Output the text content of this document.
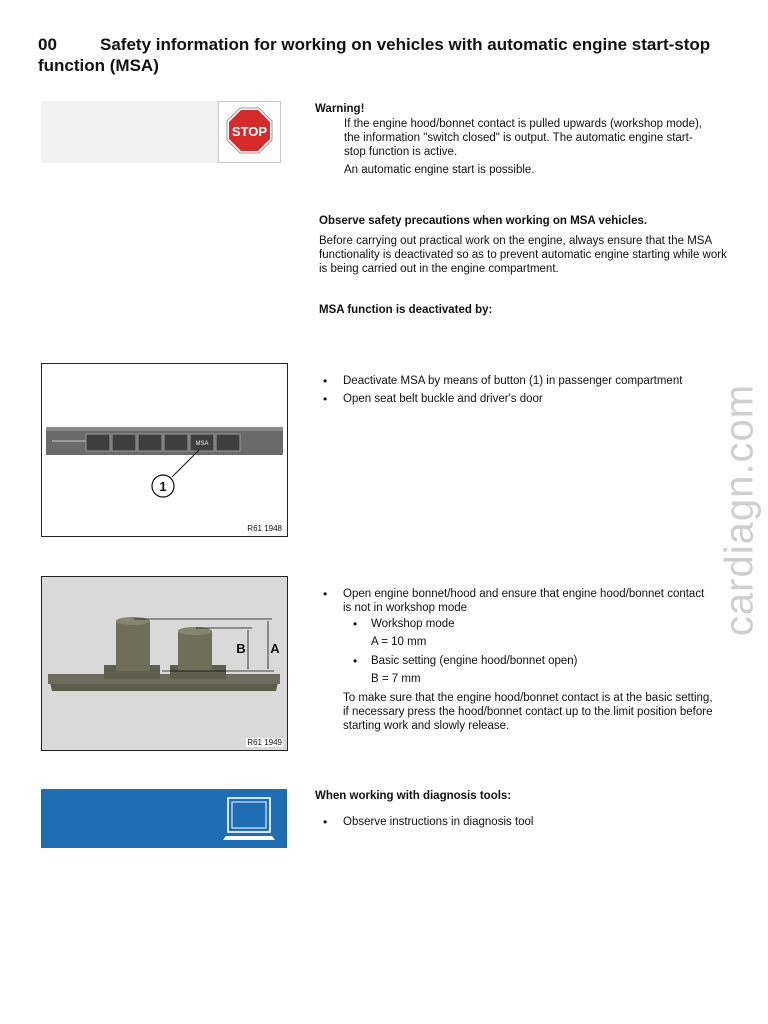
00	Safety information for working on vehicles with automatic engine start-stop function (MSA)
STOP
Warning!

If the engine hood/bonnet contact is pulled upwards (workshop mode), the information "switch closed" is output. The automatic engine start-stop function is active.

An automatic engine start is possible.

Observe safety precautions when working on MSA vehicles.

Before carrying out practical work on the engine, always ensure that the MSA functionality is deactivated so as to prevent automatic engine starting while work is being carried out in the engine compartment.

MSA function is deactivated by:
MSA
1
R61 1948
• Deactivate MSA by means of button (1) in passenger compartment
• Open seat belt buckle and driver's door
B A
R61 1949
• Open engine bonnet/hood and ensure that engine hood/bonnet contact is not in workshop mode
• Workshop mode
A = 10 mm
• Basic setting (engine hood/bonnet open)
B = 7 mm

To make sure that the engine hood/bonnet contact is at the basic setting, if necessary press the hood/bonnet contact up to the limit position before starting work and slowly release.

When working with diagnosis tools:
• Observe instructions in diagnosis tool
cardiagn.com
